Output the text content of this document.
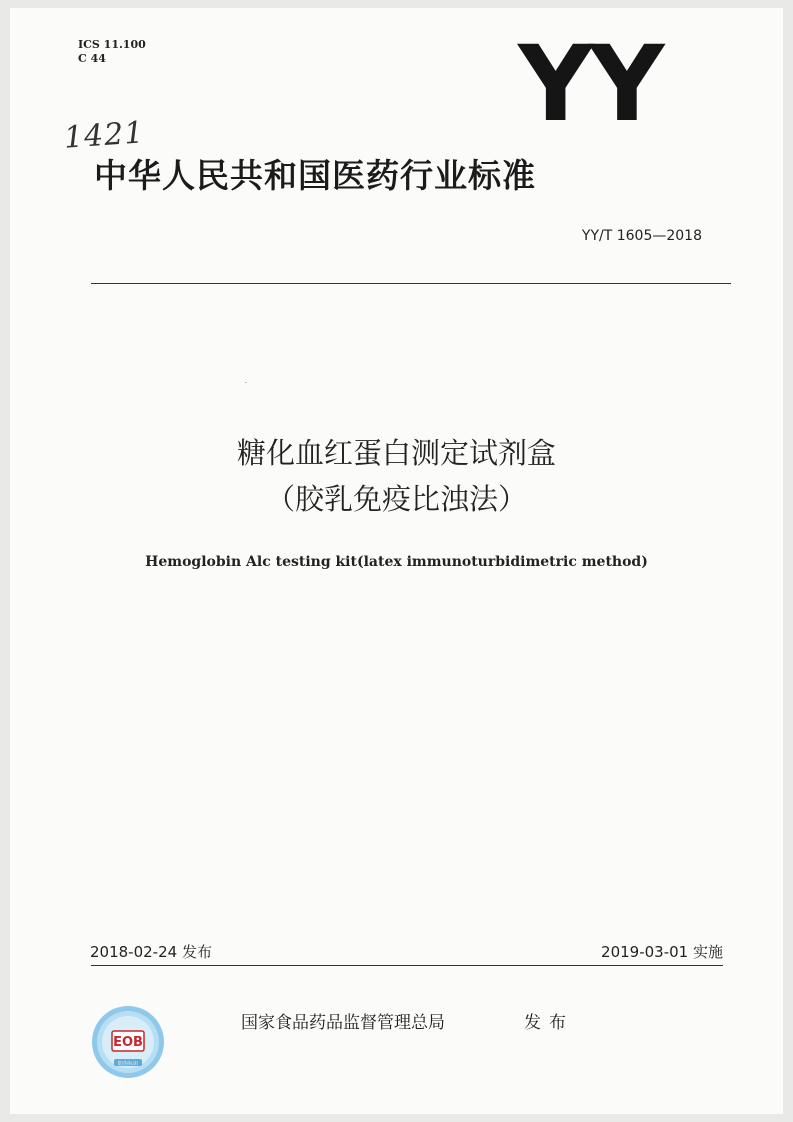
ICS 11.100
C 44	YY
1421
中华人民共和国医药行业标准
YY/T 1605—2018
糖化血红蛋白测定试剂盒
（胶乳免疫比浊法）
Hemoglobin Alc testing kit(latex immunoturbidimetric method)
2018-02-24 发布	2019-03-01 实施
EOB
防伪标识
国家食品药品监督管理总局	发布
